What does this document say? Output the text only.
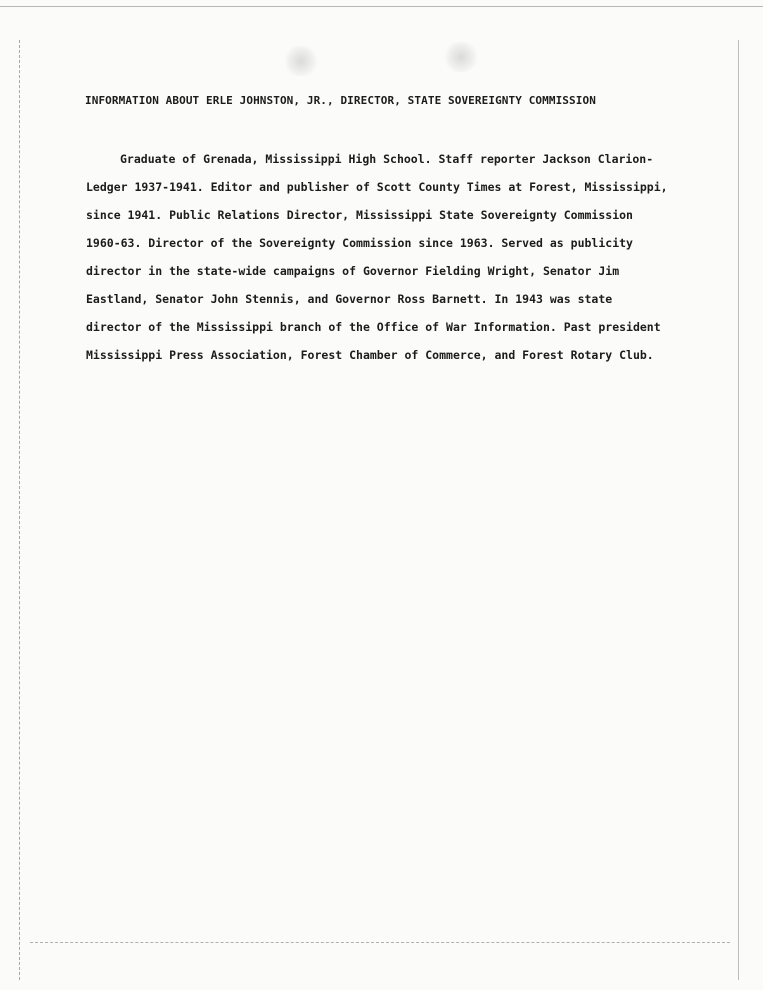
INFORMATION ABOUT ERLE JOHNSTON, JR., DIRECTOR, STATE SOVEREIGNTY COMMISSION
Graduate of Grenada, Mississippi High School. Staff reporter Jackson Clarion-
Ledger 1937-1941. Editor and publisher of Scott County Times at Forest, Mississippi,
since 1941. Public Relations Director, Mississippi State Sovereignty Commission
1960-63. Director of the Sovereignty Commission since 1963. Served as publicity
director in the state-wide campaigns of Governor Fielding Wright, Senator Jim
Eastland, Senator John Stennis, and Governor Ross Barnett. In 1943 was state
director of the Mississippi branch of the Office of War Information. Past president
Mississippi Press Association, Forest Chamber of Commerce, and Forest Rotary Club.
